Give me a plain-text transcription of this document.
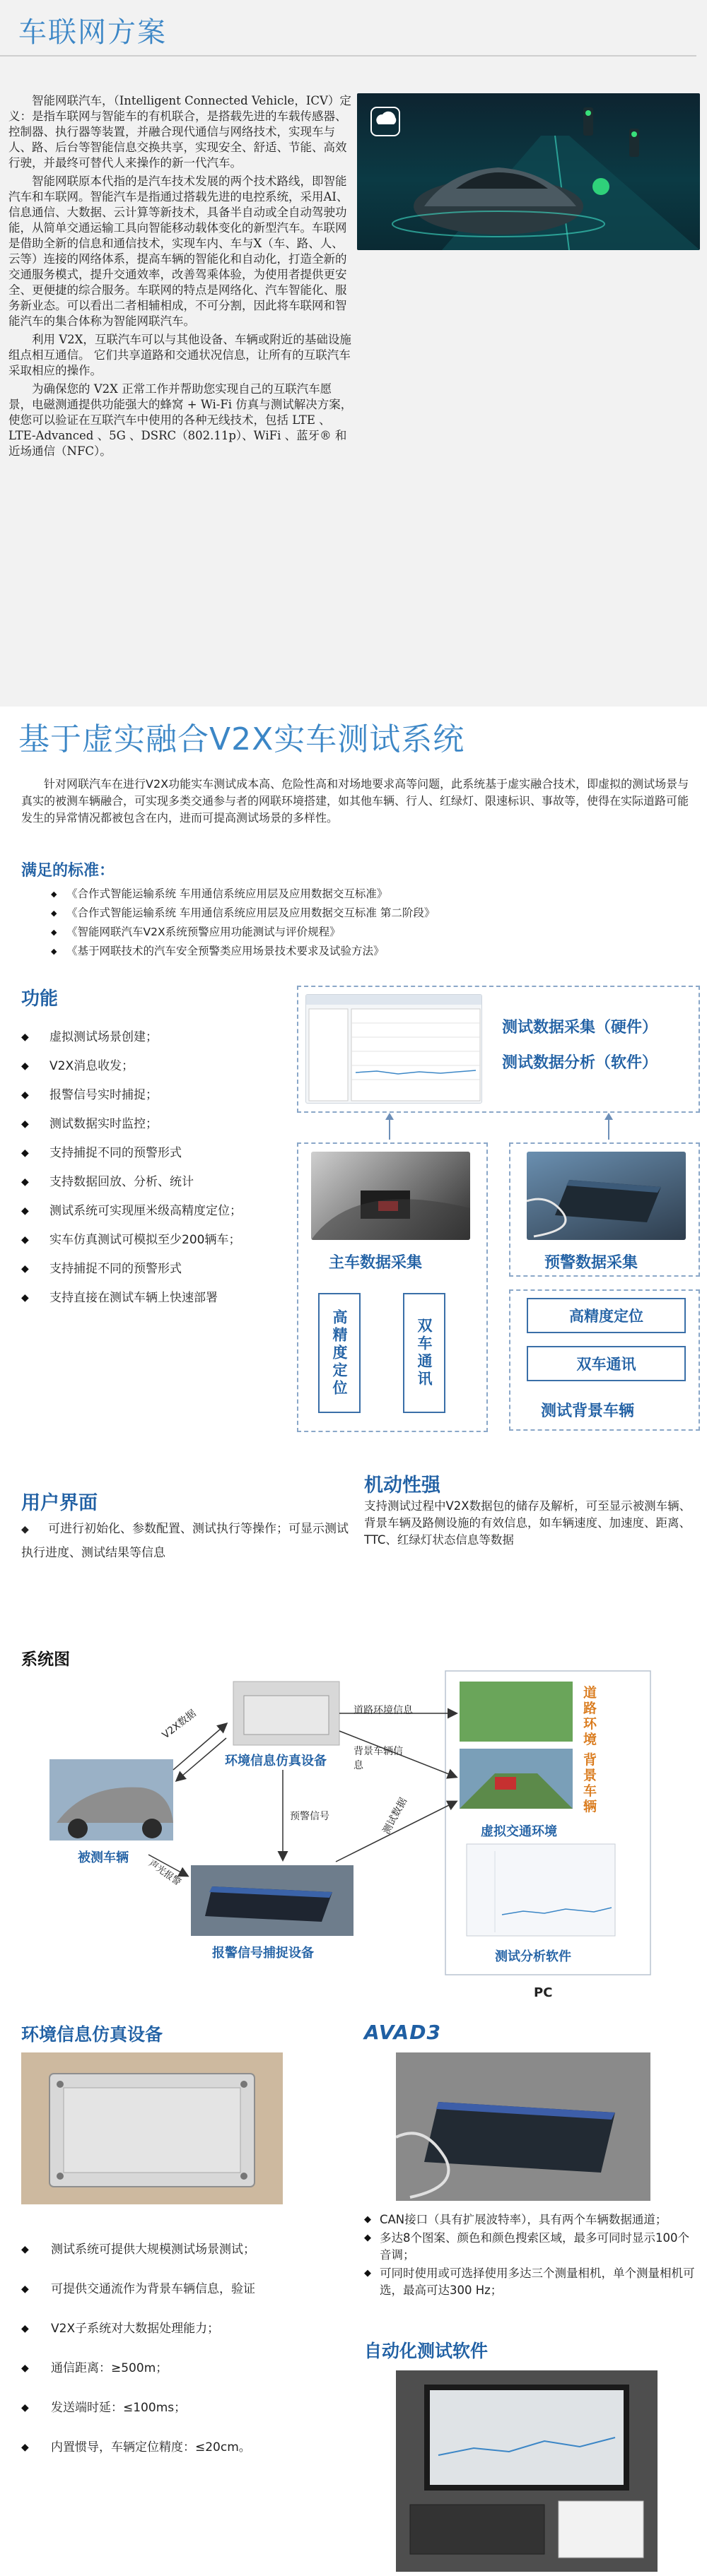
车联网方案

智能网联汽车，（Intelligent Connected Vehicle，ICV）定义：是指车联网与智能车的有机联合，是搭载先进的车载传感器、控制器、执行器等装置，并融合现代通信与网络技术，实现车与人、路、后台等智能信息交换共享，实现安全、舒适、节能、高效行驶，并最终可替代人来操作的新一代汽车。

智能网联原本代指的是汽车技术发展的两个技术路线，即智能汽车和车联网。智能汽车是指通过搭载先进的电控系统，采用AI、信息通信、大数据、云计算等新技术，具备半自动或全自动驾驶功能，从简单交通运输工具向智能移动载体变化的新型汽车。车联网是借助全新的信息和通信技术，实现车内、车与X（车、路、人、云等）连接的网络体系，提高车辆的智能化和自动化，打造全新的交通服务模式，提升交通效率，改善驾乘体验，为使用者提供更安全、更便捷的综合服务。车联网的特点是网络化、汽车智能化、服务新业态。可以看出二者相辅相成，不可分割，因此将车联网和智能汽车的集合体称为智能网联汽车。

利用 V2X，互联汽车可以与其他设备、车辆或附近的基础设施组点相互通信。 它们共享道路和交通状况信息，让所有的互联汽车采取相应的操作。

为确保您的 V2X 正常工作并帮助您实现自己的互联汽车愿景，电磁测通提供功能强大的蜂窝 + Wi-Fi 仿真与测试解决方案，使您可以验证在互联汽车中使用的各种无线技术，包括 LTE 、LTE-Advanced 、5G 、DSRC（802.11p）、WiFi 、蓝牙® 和近场通信（NFC）。

基于虚实融合V2X实车测试系统
针对网联汽车在进行V2X功能实车测试成本高、危险性高和对场地要求高等问题，此系统基于虚实融合技术，即虚拟的测试场景与真实的被测车辆融合，可实现多类交通参与者的网联环境搭建，如其他车辆、行人、红绿灯、限速标识、事故等，使得在实际道路可能发生的异常情况都被包含在内，进而可提高测试场景的多样性。
满足的标准：
◆ 《合作式智能运输系统 车用通信系统应用层及应用数据交互标准》
◆ 《合作式智能运输系统 车用通信系统应用层及应用数据交互标准 第二阶段》
◆ 《智能网联汽车V2X系统预警应用功能测试与评价规程》
◆ 《基于网联技术的汽车安全预警类应用场景技术要求及试验方法》
功能
◆ 虚拟测试场景创建；
◆ V2X消息收发；
◆ 报警信号实时捕捉；
◆ 测试数据实时监控；
◆ 支持捕捉不同的预警形式
◆ 支持数据回放、分析、统计
◆ 测试系统可实现厘米级高精度定位；
◆ 实车仿真测试可模拟至少200辆车；
◆ 支持捕捉不同的预警形式
◆ 支持直接在测试车辆上快速部署
测试数据采集（硬件）
测试数据分析（软件）
主车数据采集
高精度定位	双车通讯
预警数据采集
高精度定位
双车通讯
测试背景车辆
用户界面
◆ 可进行初始化、参数配置、测试执行等操作；可显示测试执行进度、测试结果等信息
机动性强
支持测试过程中V2X数据包的储存及解析，可至显示被测车辆、背景车辆及路侧设施的有效信息，如车辆速度、加速度、距离、TTC、红绿灯状态信息等数据
系统图
道路环境信息
V2X数据
环境信息仿真设备
背景车辆信息
被测车辆
预警信号	测试数据
声光报警
报警信号捕捉设备
道路环境
背景车辆
虚拟交通环境
测试分析软件
PC
环境信息仿真设备
◆ 测试系统可提供大规模测试场景测试；
◆ 可提供交通流作为背景车辆信息，验证
◆ V2X子系统对大数据处理能力；
◆ 通信距离：≥500m；
◆ 发送端时延：≤100ms；
◆ 内置惯导，车辆定位精度：≤20cm。
AVAD3
◆ CAN接口（具有扩展波特率），具有两个车辆数据通道；
◆ 多达8个图案、颜色和颜色搜索区域，最多可同时显示100个音调；
◆ 可同时使用或可选择使用多达三个测量相机，单个测量相机可选，最高可达300 Hz；
自动化测试软件
